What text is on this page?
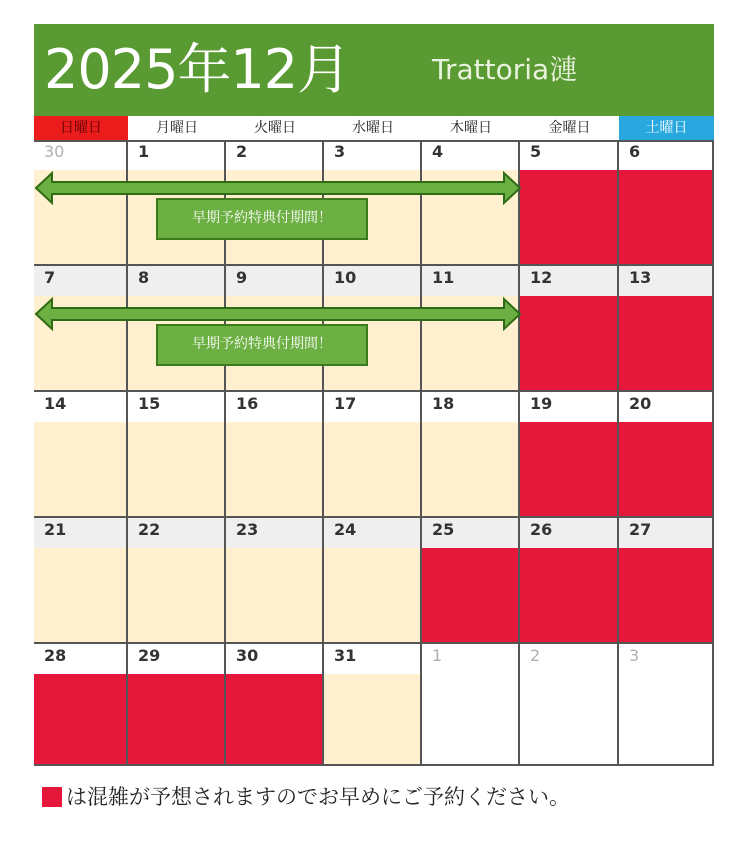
2025年12月	Trattoria漣
日曜日	月曜日	火曜日	水曜日	木曜日	金曜日	土曜日
30	1	2	3	4	5	6
7	8	9	10	11	12	13
14	15	16	17	18	19	20
21	22	23	24	25	26	27
28	29	30	31	1	2	3
早期予約特典付期間！
早期予約特典付期間！
は混雑が予想されますのでお早めにご予約ください。
